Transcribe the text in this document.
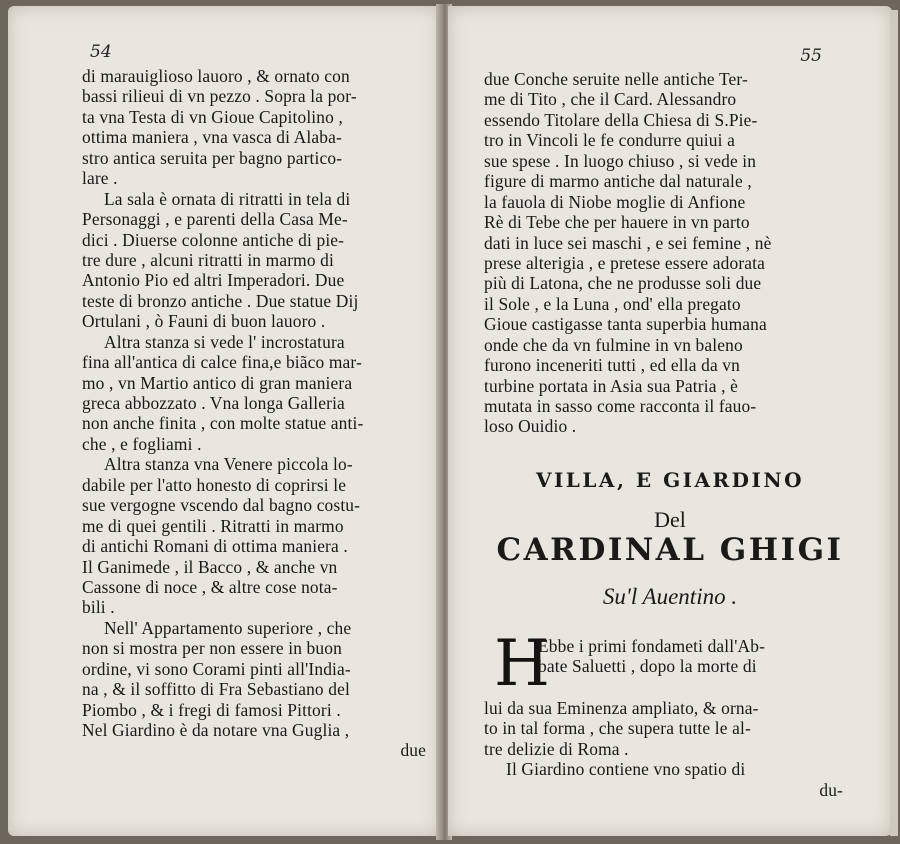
54
di marauiglioso lauoro , & ornato con
bassi rilieui di vn pezzo . Sopra la por-
ta vna Testa di vn Gioue Capitolino ,
ottima maniera , vna vasca di Alaba-
stro antica seruita per bagno partico-
lare .
La sala è ornata di ritratti in tela di
Personaggi , e parenti della Casa Me-
dici . Diuerse colonne antiche di pie-
tre dure , alcuni ritratti in marmo di
Antonio Pio ed altri Imperadori. Due
teste di bronzo antiche . Due statue Dij
Ortulani , ò Fauni di buon lauoro .
Altra stanza si vede l' incrostatura
fina all'antica di calce fina,e biãco mar-
mo , vn Martio antico di gran maniera
greca abbozzato . Vna longa Galleria
non anche finita , con molte statue anti-
che , e fogliami .
Altra stanza vna Venere piccola lo-
dabile per l'atto honesto di coprirsi le
sue vergogne vscendo dal bagno costu-
me di quei gentili . Ritratti in marmo
di antichi Romani di ottima maniera .
Il Ganimede , il Bacco , & anche vn
Cassone di noce , & altre cose nota-
bili .
Nell' Appartamento superiore , che
non si mostra per non essere in buon
ordine, vi sono Corami pinti all'India-
na , & il soffitto di Fra Sebastiano del
Piombo , & i fregi di famosi Pittori .
Nel Giardino è da notare vna Guglia ,
due
55
due Conche seruite nelle antiche Ter-
me di Tito , che il Card. Alessandro
essendo Titolare della Chiesa di S.Pie-
tro in Vincoli le fe condurre quiui a
sue spese . In luogo chiuso , si vede in
figure di marmo antiche dal naturale ,
la fauola di Niobe moglie di Anfione
Rè di Tebe che per hauere in vn parto
dati in luce sei maschi , e sei femine , nè
prese alterigia , e pretese essere adorata
più di Latona, che ne produsse soli due
il Sole , e la Luna , ond' ella pregato
Gioue castigasse tanta superbia humana
onde che da vn fulmine in vn baleno
furono inceneriti tutti , ed ella da vn
turbine portata in Asia sua Patria , è
mutata in sasso come racconta il fauo-
loso Ouidio .
VILLA, E GIARDINO
Del
CARDINAL GHIGI
Su'l Auentino .
H
Ebbe i primi fondameti dall'Ab-
bate Saluetti , dopo la morte di
lui da sua Eminenza ampliato, & orna-
to in tal forma , che supera tutte le al-
tre delizie di Roma .
Il Giardino contiene vno spatio di
du-
